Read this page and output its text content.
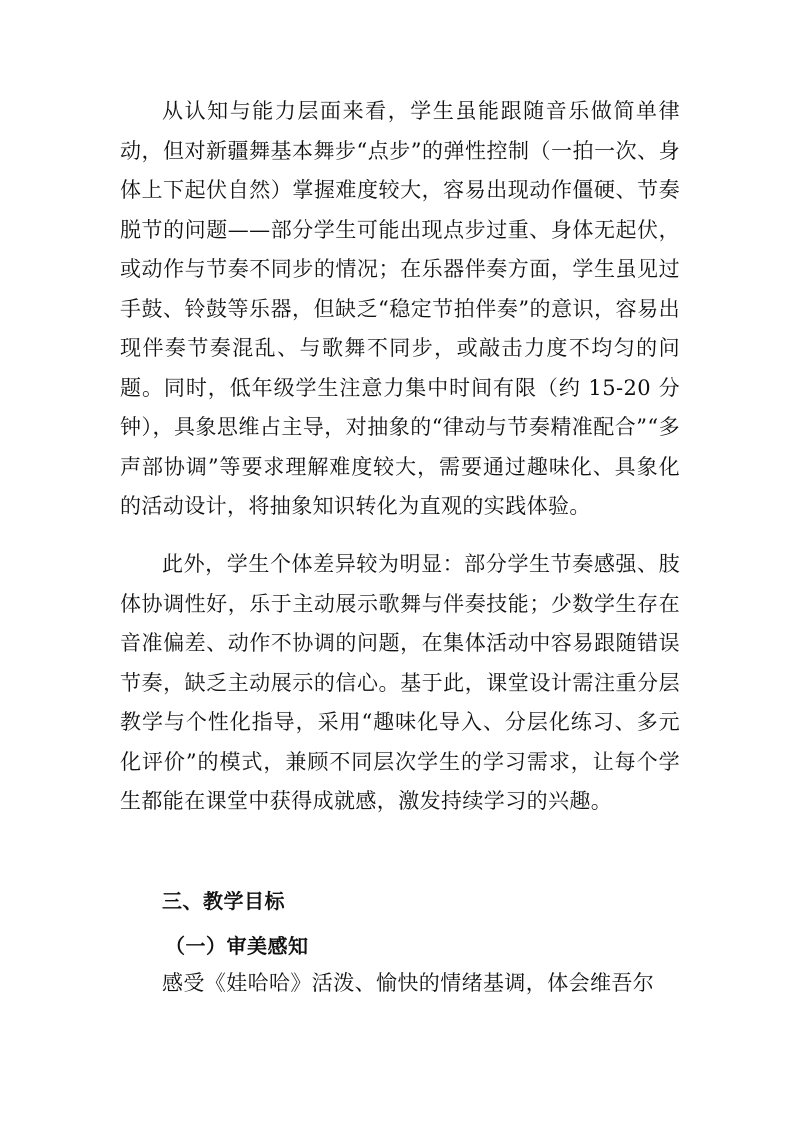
从认知与能力层面来看，学生虽能跟随音乐做简单律动，但对新疆舞基本舞步“点步”的弹性控制（一拍一次、身体上下起伏自然）掌握难度较大，容易出现动作僵硬、节奏脱节的问题——部分学生可能出现点步过重、身体无起伏，或动作与节奏不同步的情况；在乐器伴奏方面，学生虽见过手鼓、铃鼓等乐器，但缺乏“稳定节拍伴奏”的意识，容易出现伴奏节奏混乱、与歌舞不同步，或敲击力度不均匀的问题。同时，低年级学生注意力集中时间有限（约 15-20 分钟），具象思维占主导，对抽象的“律动与节奏精准配合”“多声部协调”等要求理解难度较大，需要通过趣味化、具象化的活动设计，将抽象知识转化为直观的实践体验。

此外，学生个体差异较为明显：部分学生节奏感强、肢体协调性好，乐于主动展示歌舞与伴奏技能；少数学生存在音准偏差、动作不协调的问题，在集体活动中容易跟随错误节奏，缺乏主动展示的信心。基于此，课堂设计需注重分层教学与个性化指导，采用“趣味化导入、分层化练习、多元化评价”的模式，兼顾不同层次学生的学习需求，让每个学生都能在课堂中获得成就感，激发持续学习的兴趣。

三、教学目标
（一）审美感知

感受《娃哈哈》活泼、愉快的情绪基调，体会维吾尔
